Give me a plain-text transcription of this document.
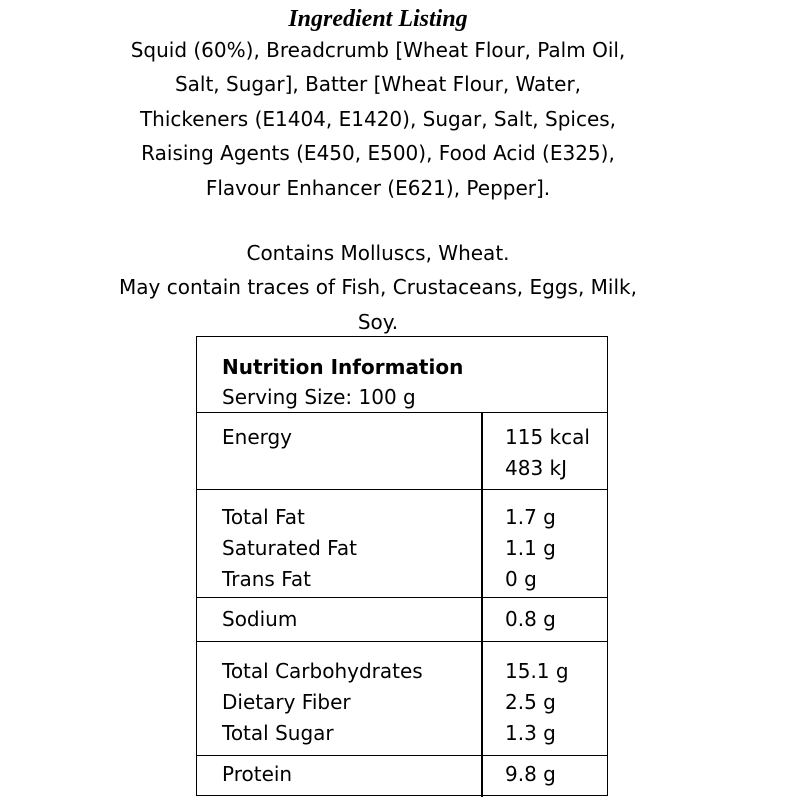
Ingredient Listing
Squid (60%), Breadcrumb [Wheat Flour, Palm Oil,
Salt, Sugar], Batter [Wheat Flour, Water,
Thickeners (E1404, E1420), Sugar, Salt, Spices,
Raising Agents (E450, E500), Food Acid (E325),
Flavour Enhancer (E621), Pepper].
Contains Molluscs, Wheat.
May contain traces of Fish, Crustaceans, Eggs, Milk,
Soy.
Nutrition Information
Serving Size: 100 g
Energy	115 kcal
483 kJ
Total Fat	1.7 g
Saturated Fat	1.1 g
Trans Fat	0 g
Sodium	0.8 g
Total Carbohydrates	15.1 g
Dietary Fiber	2.5 g
Total Sugar	1.3 g
Protein	9.8 g
